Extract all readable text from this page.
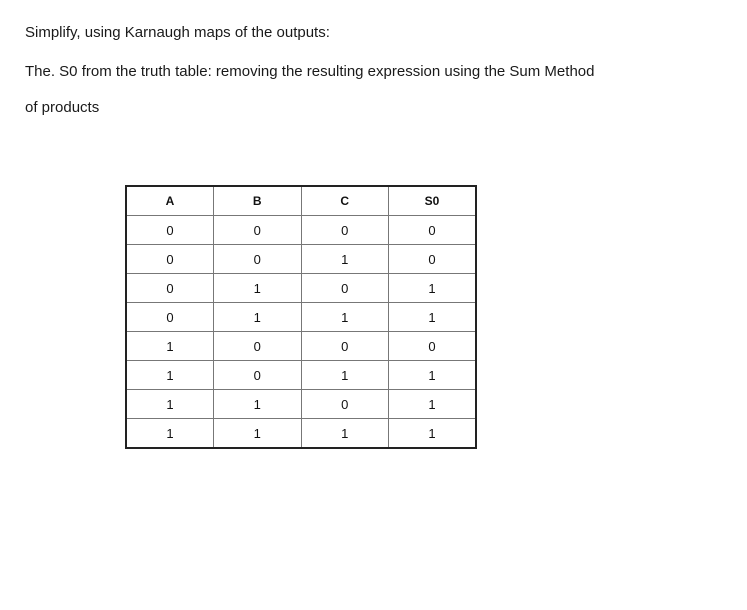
Simplify, using Karnaugh maps of the outputs:
The. S0 from the truth table: removing the resulting expression using the Sum Method
of products
A	B	C	S0
0	0	0	0
0	0	1	0
0	1	0	1
0	1	1	1
1	0	0	0
1	0	1	1
1	1	0	1
1	1	1	1
